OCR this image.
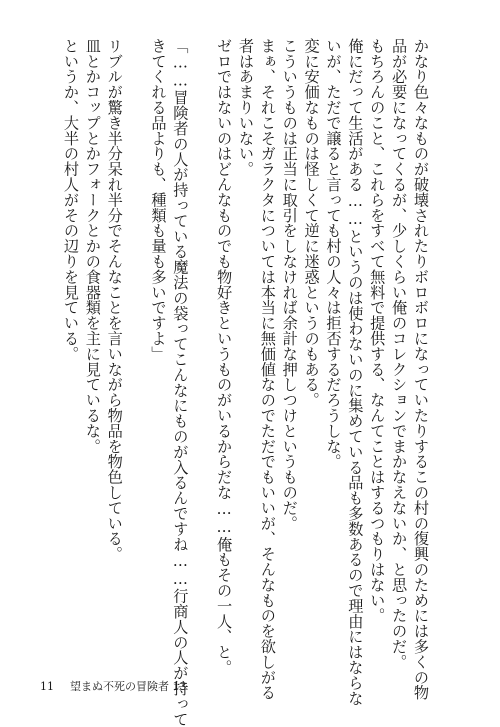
かなり色々なものが破壊されたりボロボロになっていたりするこの村の復興のためには多くの物
品が必要になってくるが、少しくらい俺のコレクションでまかなえないか、と思ったのだ。
もちろんのこと、これらをすべて無料で提供する、なんてことはするつもりはない。
俺にだって生活がある……というのは使わないのに集めている品も多数あるので理由にはならな
いが、ただで譲ると言っても村の人々は拒否するだろうしな。
変に安価なものは怪しくて逆に迷惑というのもある。
こういうものは正当に取引をしなければ余計な押しつけというものだ。
まぁ、それこそガラクタについては本当に無価値なのでただでもいいが、そんなものを欲しがる
者はあまりいない。
ゼロではないのはどんなものでも物好きというものがいるからだな……俺もその一人、と。
「……冒険者の人が持っている魔法の袋ってこんなにものが入るんですね……行商人の人が持って
きてくれる品よりも、種類も量も多いですよ」
リブルが驚き半分呆れ半分でそんなことを言いながら物品を物色している。
皿とかコップとかフォークとかの食器類を主に見ているな。
というか、大半の村人がその辺りを見ている。
11 望まぬ不死の冒険者 13
